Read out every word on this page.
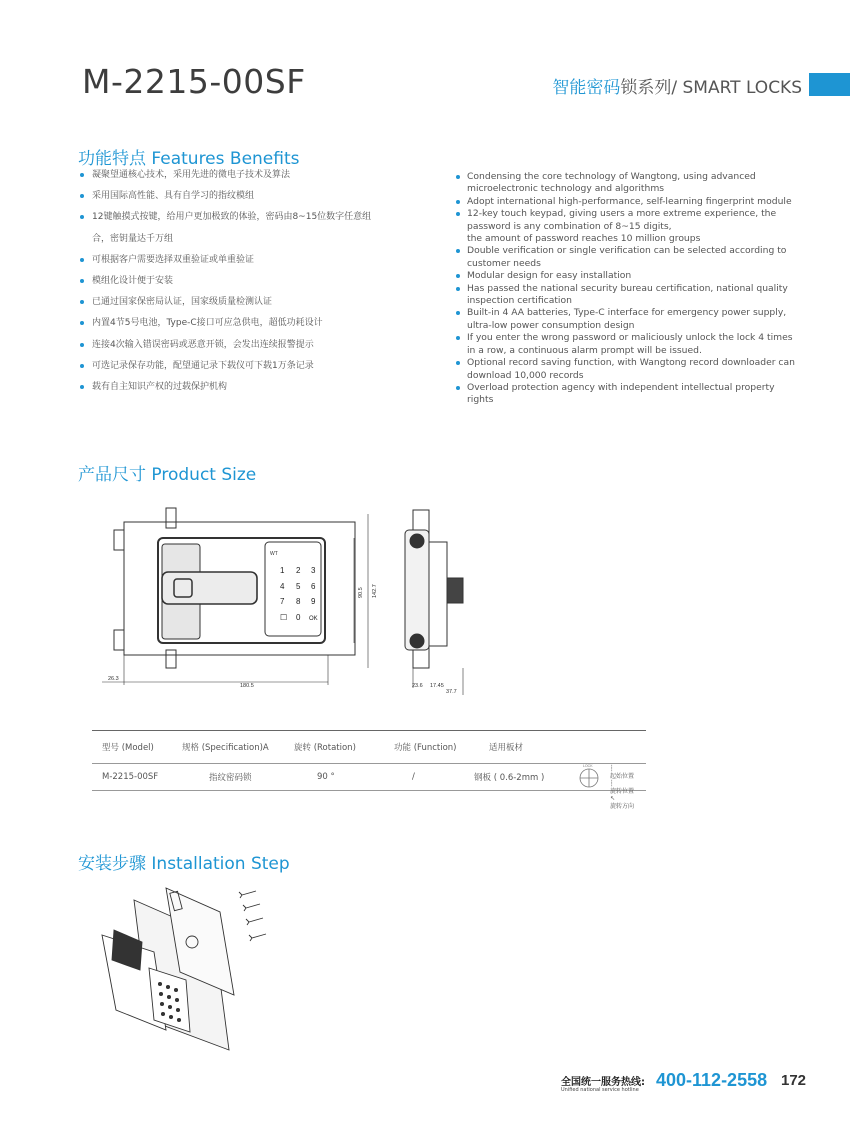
M-2215-00SF	智能密码锁系列/ SMART LOCKS
功能特点 Features Benefits
凝聚望通核心技术，采用先进的微电子技术及算法
采用国际高性能、具有自学习的指纹模组
12键触摸式按键，给用户更加极致的体验，密码由8~15位数字任意组
合，密钥量达千万组
可根据客户需要选择双重验证或单重验证
模组化设计便于安装
已通过国家保密局认证，国家级质量检测认证
内置4节5号电池，Type-C接口可应急供电，超低功耗设计
连接4次输入错误密码或恶意开锁，会发出连续报警提示
可选记录保存功能，配望通记录下载仪可下载1万条记录
载有自主知识产权的过载保护机构
Condensing the core technology of Wangtong, using advanced microelectronic technology and algorithms
Adopt international high-performance, self-learning fingerprint module
12-key touch keypad, giving users a more extreme experience, the password is any combination of 8~15 digits,
the amount of password reaches 10 million groups
Double verification or single verification can be selected according to customer needs
Modular design for easy installation
Has passed the national security bureau certification, national quality inspection certification
Built-in 4 AA batteries, Type-C interface for emergency power supply, ultra-low power consumption design
If you enter the wrong password or maliciously unlock the lock 4 times in a row, a continuous alarm prompt will be issued.
Optional record saving function, with Wangtong record downloader can download 10,000 records
Overload protection agency with independent intellectual property rights
产品尺寸 Product Size
WT
1 2 3
4 5 6
7 8 9
☐ 0 OK
26.3
180.5
90.5 142.7
23.6 17.45
37.7
型号 (Model)	规格 (Specification)A	旋转 (Rotation)	功能 (Function)	适用板材
M-2215-00SF	指纹密码锁	90 °	/	钢板 ( 0.6-2mm )
LOCK	┆
起始位置
┆
旋转位置
↖
旋转方向
安装步骤 Installation Step
全国统一服务热线:
Unified national service hotline 400-112-2558 172
